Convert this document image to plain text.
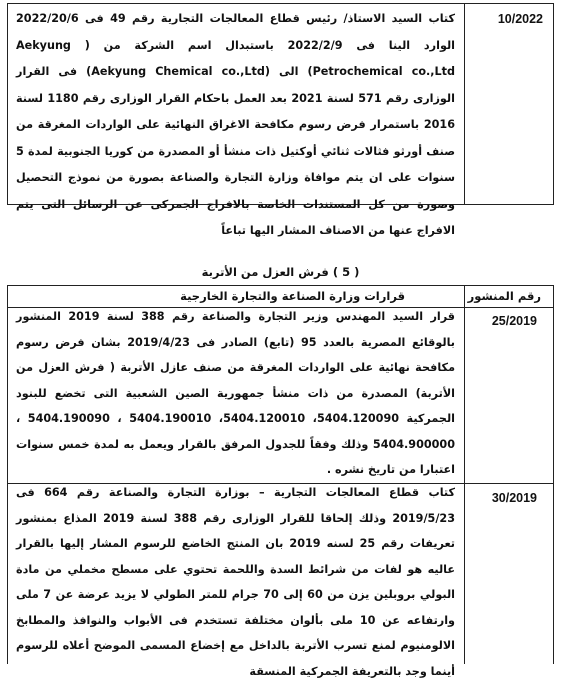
10/2022
كتاب السيد الاستاذ/ رئيس قطاع المعالجات التجارية رقم 49 فى 2022/20/6 الوارد الينا فى 2022/2/9 باستبدال اسم الشركة من ( Aekyung Petrochemical co.,Ltd) الى (Aekyung Chemical co.,Ltd) فى القرار الوزارى رقم 571 لسنة 2021 بعد العمل باحكام القرار الوزارى رقم 1180 لسنة 2016 باستمرار فرض رسوم مكافحة الاغراق النهائية على الواردات المغرقة من صنف أورثو فثالات ثنائي أوكتيل ذات منشأ أو المصدرة من كوريا الجنوبية لمدة 5 سنوات على ان يتم موافاة وزارة التجارة والصناعة بصورة من نموذج التحصيل وصورة من كل المستندات الخاصة بالافراج الجمركى عن الرسائل التى يتم الافراج عنها من الاصناف المشار اليها تباعاً
( 5 ) فرش العزل من الأتربة
قرارات وزارة الصناعة والتجارة الخارجية	رقم المنشور
25/2019
قرار السيد المهندس وزير التجارة والصناعة رقم 388 لسنة 2019 المنشور بالوقائع المصرية بالعدد 95 (تابع) الصادر فى 2019/4/23 بشان فرض رسوم مكافحة نهائية على الواردات المغرقة من صنف عازل الأتربة ( فرش العزل من الأتربة) المصدرة من ذات منشأ جمهورية الصين الشعبية التى تخضع للبنود الجمركية 5404.120090، 5404.120010، 5404.190010 ، 5404.190090 ، 5404.900000 وذلك وفقاً للجدول المرفق بالقرار ويعمل به لمدة خمس سنوات اعتبارا من تاريخ نشره .
30/2019
كتاب قطاع المعالجات التجارية – بوزارة التجارة والصناعة رقم 664 فى 2019/5/23 وذلك إلحاقا للقرار الوزارى رقم 388 لسنة 2019 المذاع بمنشور تعريفات رقم 25 لسنه 2019 بان المنتج الخاضع للرسوم المشار إليها بالقرار عاليه هو لفات من شرائط السدة واللحمة تحتوي على مسطح مخملي من مادة البولي بروبلين يزن من 60 إلى 70 جرام للمتر الطولي لا يزيد عرضة عن 7 ملى وارتفاعه عن 10 ملى بألوان مختلفة تستخدم فى الأبواب والنوافذ والمطابخ الالومنيوم لمنع تسرب الأتربة بالداخل مع إخضاع المسمى الموضح أعلاه للرسوم أينما وجد بالتعريفة الجمركية المنسقة
